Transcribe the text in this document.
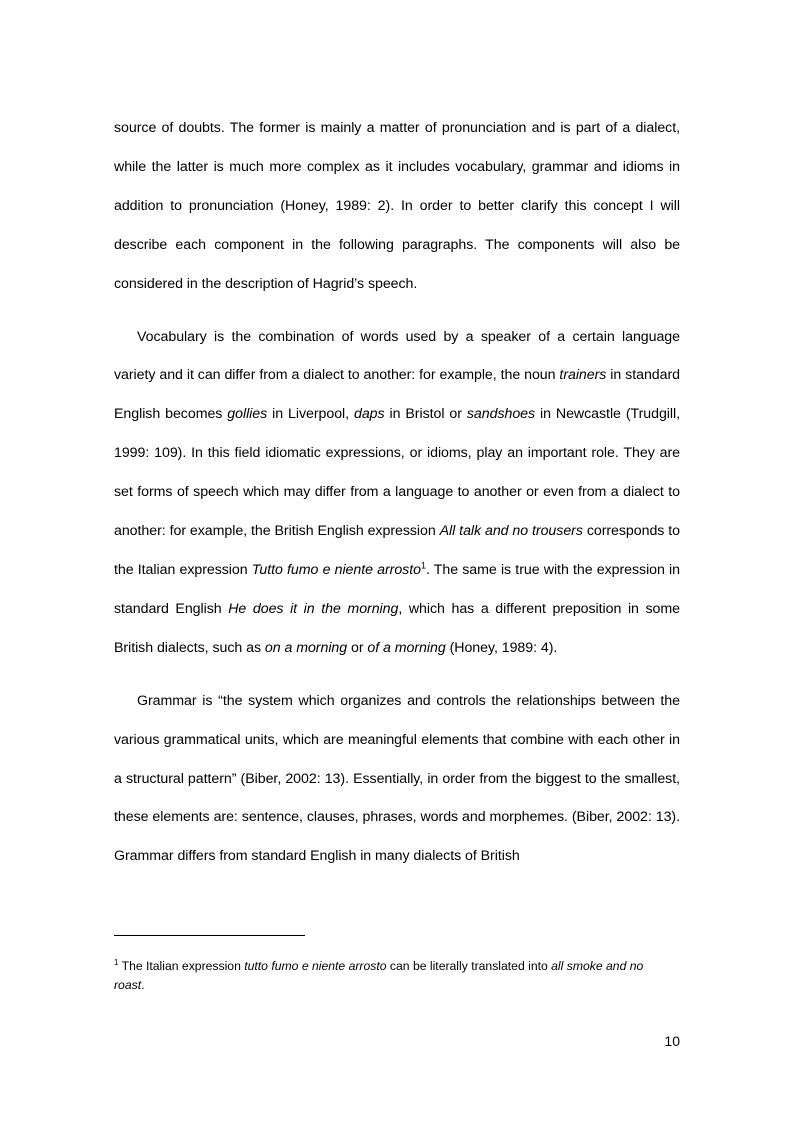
source of doubts. The former is mainly a matter of pronunciation and is part of a dialect, while the latter is much more complex as it includes vocabulary, grammar and idioms in addition to pronunciation (Honey, 1989: 2). In order to better clarify this concept I will describe each component in the following paragraphs. The components will also be considered in the description of Hagrid’s speech.

Vocabulary is the combination of words used by a speaker of a certain language variety and it can differ from a dialect to another: for example, the noun trainers in standard English becomes gollies in Liverpool, daps in Bristol or sandshoes in Newcastle (Trudgill, 1999: 109). In this field idiomatic expressions, or idioms, play an important role. They are set forms of speech which may differ from a language to another or even from a dialect to another: for example, the British English expression All talk and no trousers corresponds to the Italian expression Tutto fumo e niente arrosto$^1$. The same is true with the expression in standard English He does it in the morning, which has a different preposition in some British dialects, such as on a morning or of a morning (Honey, 1989: 4).

Grammar is “the system which organizes and controls the relationships between the various grammatical units, which are meaningful elements that combine with each other in a structural pattern” (Biber, 2002: 13). Essentially, in order from the biggest to the smallest, these elements are: sentence, clauses, phrases, words and morphemes. (Biber, 2002: 13). Grammar differs from standard English in many dialects of British

$^1$ The Italian expression tutto fumo e niente arrosto can be literally translated into all smoke and no roast.
10
